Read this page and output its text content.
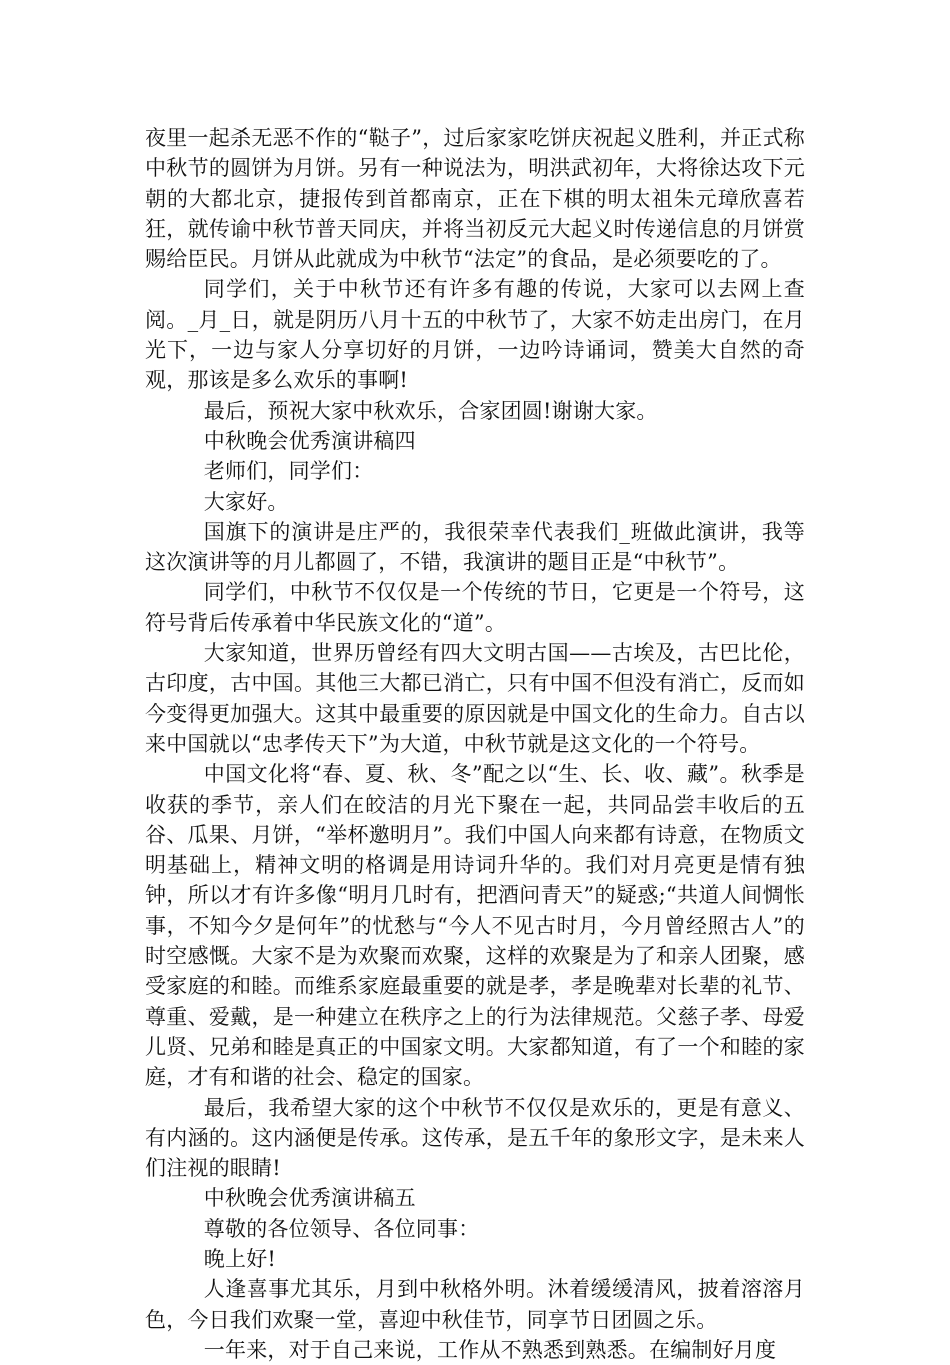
夜里一起杀无恶不作的“鞑子”，过后家家吃饼庆祝起义胜利，并正式称中秋节的圆饼为月饼。另有一种说法为，明洪武初年，大将徐达攻下元朝的大都北京，捷报传到首都南京，正在下棋的明太祖朱元璋欣喜若狂，就传谕中秋节普天同庆，并将当初反元大起义时传递信息的月饼赏赐给臣民。月饼从此就成为中秋节“法定”的食品，是必须要吃的了。

同学们，关于中秋节还有许多有趣的传说，大家可以去网上查阅。_月_日，就是阴历八月十五的中秋节了，大家不妨走出房门，在月光下，一边与家人分享切好的月饼，一边吟诗诵词，赞美大自然的奇观，那该是多么欢乐的事啊!

最后，预祝大家中秋欢乐，合家团圆!谢谢大家。

中秋晚会优秀演讲稿四

老师们，同学们：

大家好。

国旗下的演讲是庄严的，我很荣幸代表我们_班做此演讲，我等这次演讲等的月儿都圆了，不错，我演讲的题目正是“中秋节”。

同学们，中秋节不仅仅是一个传统的节日，它更是一个符号，这符号背后传承着中华民族文化的“道”。

大家知道，世界历曾经有四大文明古国——古埃及，古巴比伦，古印度，古中国。其他三大都已消亡，只有中国不但没有消亡，反而如今变得更加强大。这其中最重要的原因就是中国文化的生命力。自古以来中国就以“忠孝传天下”为大道，中秋节就是这文化的一个符号。

中国文化将“春、夏、秋、冬”配之以“生、长、收、藏”。秋季是收获的季节，亲人们在皎洁的月光下聚在一起，共同品尝丰收后的五谷、瓜果、月饼，“举杯邀明月”。我们中国人向来都有诗意，在物质文明基础上，精神文明的格调是用诗词升华的。我们对月亮更是情有独钟，所以才有许多像“明月几时有，把酒问青天”的疑惑;“共道人间惆怅事，不知今夕是何年”的忧愁与“今人不见古时月，今月曾经照古人”的时空感慨。大家不是为欢聚而欢聚，这样的欢聚是为了和亲人团聚，感受家庭的和睦。而维系家庭最重要的就是孝，孝是晚辈对长辈的礼节、尊重、爱戴，是一种建立在秩序之上的行为法律规范。父慈子孝、母爱儿贤、兄弟和睦是真正的中国家文明。大家都知道，有了一个和睦的家庭，才有和谐的社会、稳定的国家。

最后，我希望大家的这个中秋节不仅仅是欢乐的，更是有意义、有内涵的。这内涵便是传承。这传承，是五千年的象形文字，是未来人们注视的眼睛!

中秋晚会优秀演讲稿五

尊敬的各位领导、各位同事：

晚上好!

人逢喜事尤其乐，月到中秋格外明。沐着缓缓清风，披着溶溶月色，今日我们欢聚一堂，喜迎中秋佳节，同享节日团圆之乐。

一年来，对于自己来说，工作从不熟悉到熟悉。在编制好月度
